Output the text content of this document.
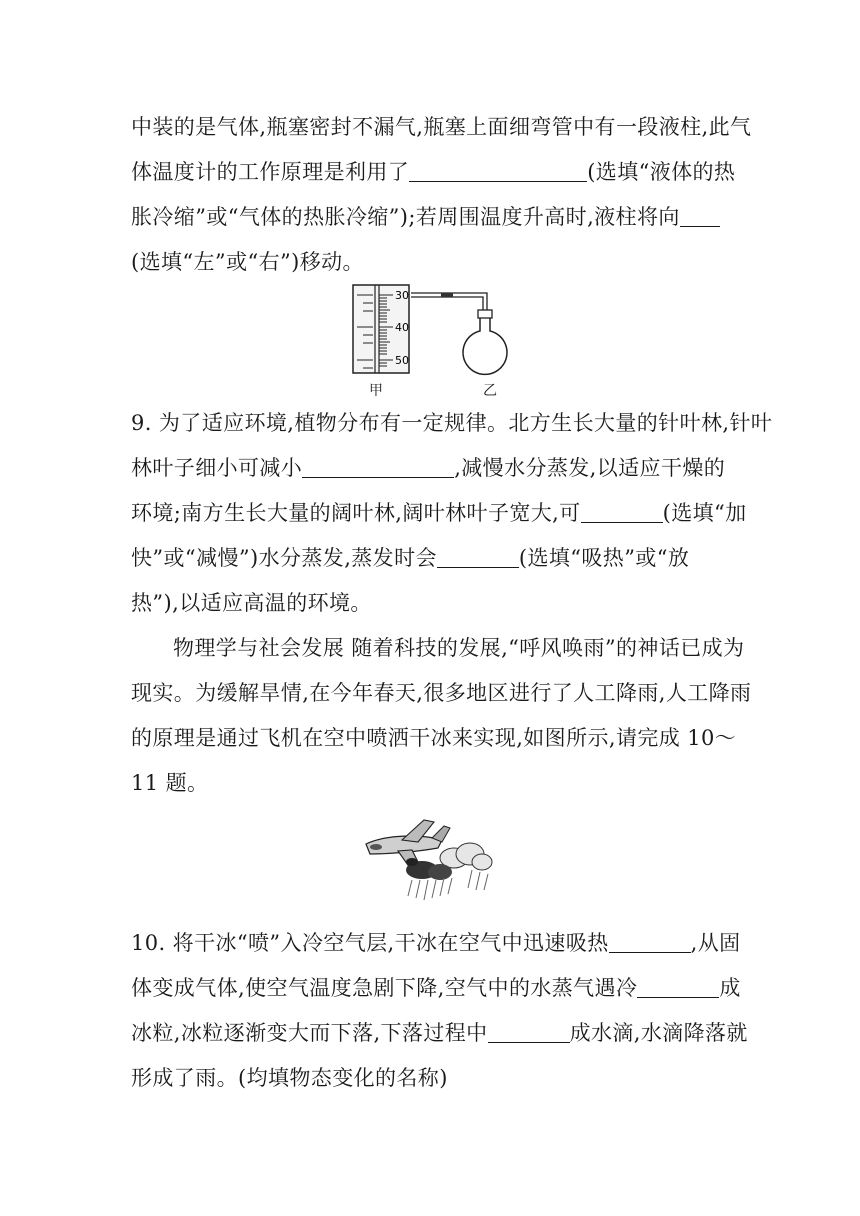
中装的是气体,瓶塞密封不漏气,瓶塞上面细弯管中有一段液柱,此气
体温度计的工作原理是利用了	(选填“液体的热
胀冷缩”或“气体的热胀冷缩”);若周围温度升高时,液柱将向
(选填“左”或“右”)移动。
30
40
50
甲	乙
9. 为了适应环境,植物分布有一定规律。北方生长大量的针叶林,针叶
林叶子细小可减小	,减慢水分蒸发,以适应干燥的
环境;南方生长大量的阔叶林,阔叶林叶子宽大,可	(选填“加
快”或“减慢”)水分蒸发,蒸发时会	(选填“吸热”或“放
热”),以适应高温的环境。
物理学与社会发展 随着科技的发展,“呼风唤雨”的神话已成为
现实。为缓解旱情,在今年春天,很多地区进行了人工降雨,人工降雨
的原理是通过飞机在空中喷洒干冰来实现,如图所示,请完成 10～
11 题。
10. 将干冰“喷”入冷空气层,干冰在空气中迅速吸热	,从固
体变成气体,使空气温度急剧下降,空气中的水蒸气遇冷	成
冰粒,冰粒逐渐变大而下落,下落过程中	成水滴,水滴降落就
形成了雨。(均填物态变化的名称)
